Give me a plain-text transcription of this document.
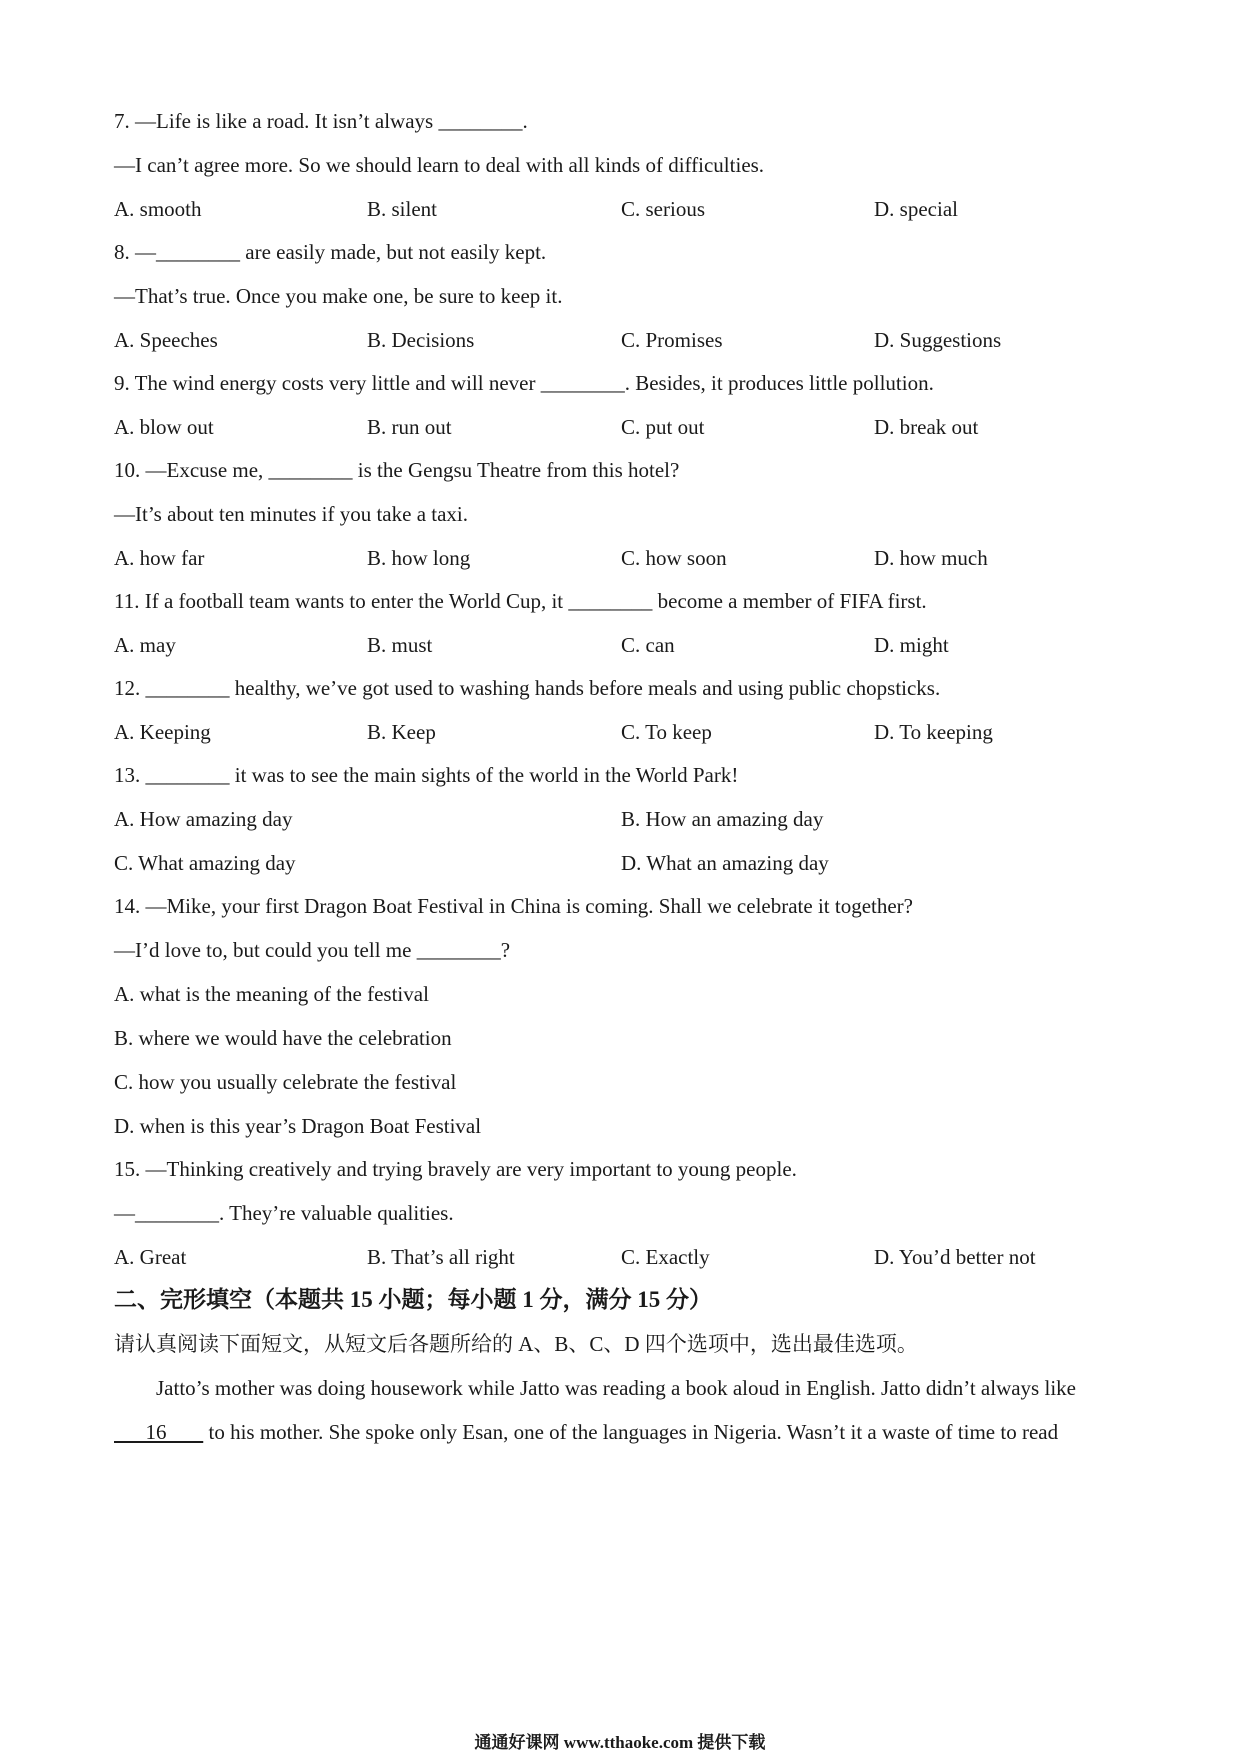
7. —Life is like a road. It isn’t always ________.
—I can’t agree more. So we should learn to deal with all kinds of difficulties.
A. smooth	B. silent	C. serious	D. special
8. —________ are easily made, but not easily kept.
—That’s true. Once you make one, be sure to keep it.
A. Speeches	B. Decisions	C. Promises	D. Suggestions
9. The wind energy costs very little and will never ________. Besides, it produces little pollution.
A. blow out	B. run out	C. put out	D. break out
10. —Excuse me, ________ is the Gengsu Theatre from this hotel?
—It’s about ten minutes if you take a taxi.
A. how far	B. how long	C. how soon	D. how much
11. If a football team wants to enter the World Cup, it ________ become a member of FIFA first.
A. may	B. must	C. can	D. might
12. ________ healthy, we’ve got used to washing hands before meals and using public chopsticks.
A. Keeping	B. Keep	C. To keep	D. To keeping
13. ________ it was to see the main sights of the world in the World Park!
A. How amazing day	B. How an amazing day
C. What amazing day	D. What an amazing day
14. —Mike, your first Dragon Boat Festival in China is coming. Shall we celebrate it together?
—I’d love to, but could you tell me ________?
A. what is the meaning of the festival
B. where we would have the celebration
C. how you usually celebrate the festival
D. when is this year’s Dragon Boat Festival
15. —Thinking creatively and trying bravely are very important to young people.
—________. They’re valuable qualities.
A. Great	B. That’s all right	C. Exactly	D. You’d better not
二、完形填空（本题共 15 小题；每小题 1 分，满分 15 分）
请认真阅读下面短文，从短文后各题所给的 A、B、C、D 四个选项中，选出最佳选项。
Jatto’s mother was doing housework while Jatto was reading a book aloud in English. Jatto didn’t always like
16        to his mother. She spoke only Esan, one of the languages in Nigeria. Wasn’t it a waste of time to read
通通好课网 www.tthaoke.com 提供下载
